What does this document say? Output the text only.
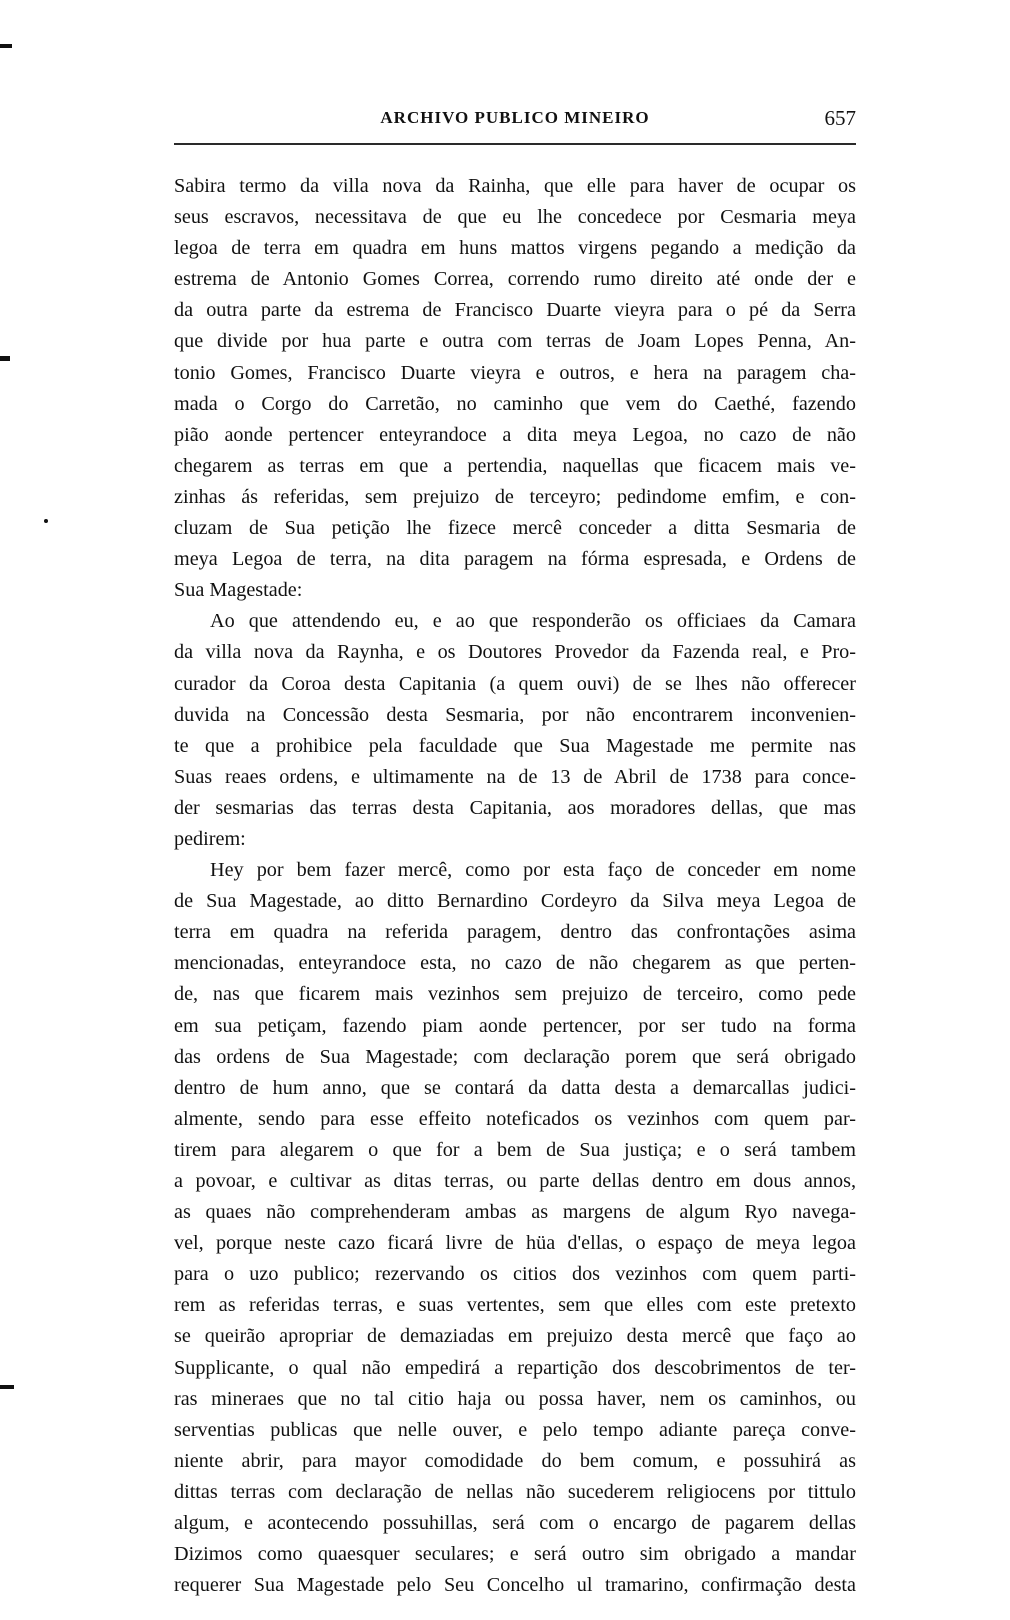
ARCHIVO PUBLICO MINEIRO	657
Sabira termo da villa nova da Rainha, que elle para haver de ocupar os
seus escravos, necessitava de que eu lhe concedece por Cesmaria meya
legoa de terra em quadra em huns mattos virgens pegando a medição da
estrema de Antonio Gomes Correa, correndo rumo direito até onde der e
da outra parte da estrema de Francisco Duarte vieyra para o pé da Serra
que divide por hua parte e outra com terras de Joam Lopes Penna, An-
tonio Gomes, Francisco Duarte vieyra e outros, e hera na paragem cha-
mada o Corgo do Carretão, no caminho que vem do Caethé, fazendo
pião aonde pertencer enteyrandoce a dita meya Legoa, no cazo de não
chegarem as terras em que a pertendia, naquellas que ficacem mais ve-
zinhas ás referidas, sem prejuizo de terceyro; pedindome emfim, e con-
cluzam de Sua petição lhe fizece mercê conceder a ditta Sesmaria de
meya Legoa de terra, na dita paragem na fórma espresada, e Ordens de
Sua Magestade:
Ao que attendendo eu, e ao que responderão os officiaes da Camara
da villa nova da Raynha, e os Doutores Provedor da Fazenda real, e Pro-
curador da Coroa desta Capitania (a quem ouvi) de se lhes não offerecer
duvida na Concessão desta Sesmaria, por não encontrarem inconvenien-
te que a prohibice pela faculdade que Sua Magestade me permite nas
Suas reaes ordens, e ultimamente na de 13 de Abril de 1738 para conce-
der sesmarias das terras desta Capitania, aos moradores dellas, que mas
pedirem:
Hey por bem fazer mercê, como por esta faço de conceder em nome
de Sua Magestade, ao ditto Bernardino Cordeyro da Silva meya Legoa de
terra em quadra na referida paragem, dentro das confrontações asima
mencionadas, enteyrandoce esta, no cazo de não chegarem as que perten-
de, nas que ficarem mais vezinhos sem prejuizo de terceiro, como pede
em sua petiçam, fazendo piam aonde pertencer, por ser tudo na forma
das ordens de Sua Magestade; com declaração porem que será obrigado
dentro de hum anno, que se contará da datta desta a demarcallas judici-
almente, sendo para esse effeito noteficados os vezinhos com quem par-
tirem para alegarem o que for a bem de Sua justiça; e o será tambem
a povoar, e cultivar as ditas terras, ou parte dellas dentro em dous annos,
as quaes não comprehenderam ambas as margens de algum Ryo navega-
vel, porque neste cazo ficará livre de hüa d'ellas, o espaço de meya legoa
para o uzo publico; rezervando os citios dos vezinhos com quem parti-
rem as referidas terras, e suas vertentes, sem que elles com este pretexto
se queirão apropriar de demaziadas em prejuizo desta mercê que faço ao
Supplicante, o qual não empedirá a repartição dos descobrimentos de ter-
ras mineraes que no tal citio haja ou possa haver, nem os caminhos, ou
serventias publicas que nelle ouver, e pelo tempo adiante pareça conve-
niente abrir, para mayor comodidade do bem comum, e possuhirá as
dittas terras com declaração de nellas não sucederem religiocens por tittulo
algum, e acontecendo possuhillas, será com o encargo de pagarem dellas
Dizimos como quaesquer seculares; e será outro sim obrigado a mandar
requerer Sua Magestade pelo Seu Concelho ul tramarino, confirmação desta
